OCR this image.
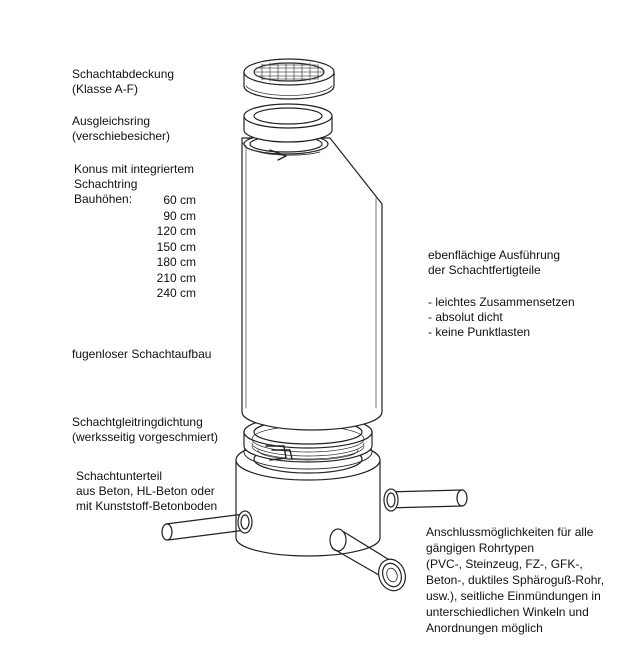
Schachtabdeckung
(Klasse A-F)
Ausgleichsring
(verschiebesicher)
Konus mit integriertem
Schachtring
Bauhöhen:	60 cm
90 cm
120 cm
150 cm
180 cm
210 cm
240 cm
fugenloser Schachtaufbau
Schachtgleitringdichtung
(werksseitig vorgeschmiert)
Schachtunterteil
aus Beton, HL-Beton oder
mit Kunststoff-Betonboden
ebenflächige Ausführung
der Schachtfertigteile
- leichtes Zusammensetzen
- absolut dicht
- keine Punktlasten
Anschlussmöglichkeiten für alle
gängigen Rohrtypen
(PVC-, Steinzeug, FZ-, GFK-,
Beton-, duktiles Sphäroguß-Rohr,
usw.), seitliche Einmündungen in
unterschiedlichen Winkeln und
Anordnungen möglich
